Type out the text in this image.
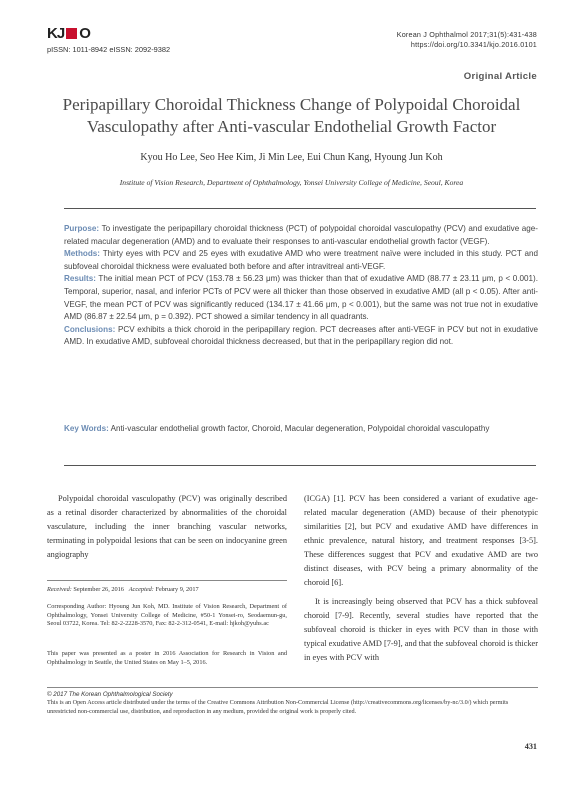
KJ O
pISSN: 1011-8942 eISSN: 2092-9382
Korean J Ophthalmol 2017;31(5):431-438
https://doi.org/10.3341/kjo.2016.0101
Original Article
Peripapillary Choroidal Thickness Change of Polypoidal Choroidal
Vasculopathy after Anti-vascular Endothelial Growth Factor
Kyou Ho Lee, Seo Hee Kim, Ji Min Lee, Eui Chun Kang, Hyoung Jun Koh
Institute of Vision Research, Department of Ophthalmology, Yonsei University College of Medicine, Seoul, Korea

Purpose: To investigate the peripapillary choroidal thickness (PCT) of polypoidal choroidal vasculopathy (PCV) and exudative age-related macular degeneration (AMD) and to evaluate their responses to anti-vascular endothelial growth factor (VEGF).

Methods: Thirty eyes with PCV and 25 eyes with exudative AMD who were treatment naïve were included in this study. PCT and subfoveal choroidal thickness were evaluated both before and after intravitreal anti-VEGF.

Results: The initial mean PCT of PCV (153.78 ± 56.23 μm) was thicker than that of exudative AMD (88.77 ± 23.11 μm, p < 0.001). Temporal, superior, nasal, and inferior PCTs of PCV were all thicker than those observed in exudative AMD (all p < 0.05). After anti-VEGF, the mean PCT of PCV was significantly reduced (134.17 ± 41.66 μm, p < 0.001), but the same was not true not in exudative AMD (86.87 ± 22.54 μm, p = 0.392). PCT showed a similar tendency in all quadrants.

Conclusions: PCV exhibits a thick choroid in the peripapillary region. PCT decreases after anti-VEGF in PCV but not in exudative AMD. In exudative AMD, subfoveal choroidal thickness decreased, but that in the peripapillary region did not.

Key Words: Anti-vascular endothelial growth factor, Choroid, Macular degeneration, Polypoidal choroidal vasculopathy

Polypoidal choroidal vasculopathy (PCV) was originally described as a retinal disorder characterized by abnormalities of the choroidal vasculature, including the inner branching vascular networks, terminating in polypoidal lesions that can be seen on indocyanine green angiography

(ICGA) [1]. PCV has been considered a variant of exudative age-related macular degeneration (AMD) because of their phenotypic similarities [2], but PCV and exudative AMD have differences in ethnic prevalence, natural history, and treatment responses [3-5]. These differences suggest that PCV and exudative AMD are two distinct diseases, with PCV being a primary abnormality of the choroid [6].

It is increasingly being observed that PCV has a thick subfoveal choroid [7-9]. Recently, several studies have reported that the subfoveal choroid is thicker in eyes with PCV than in those with typical exudative AMD [7-9], and that the subfoveal choroid is thicker in eyes with PCV with

Received: September 26, 2016 Accepted: February 9, 2017
Corresponding Author: Hyoung Jun Koh, MD. Institute of Vision Research, Department of Ophthalmology, Yonsei University College of Medicine, #50-1 Yonsei-ro, Seodaemun-gu, Seoul 03722, Korea. Tel: 82-2-2228-3570, Fax: 82-2-312-0541, E-mail: hjkoh@yuhs.ac
This paper was presented as a poster in 2016 Association for Research in Vision and Ophthalmology in Seattle, the United States on May 1–5, 2016.
© 2017 The Korean Ophthalmological Society
This is an Open Access article distributed under the terms of the Creative Commons Attribution Non-Commercial License (http://creativecommons.org/licenses/by-nc/3.0/) which permits unrestricted non-commercial use, distribution, and reproduction in any medium, provided the original work is properly cited.
431
